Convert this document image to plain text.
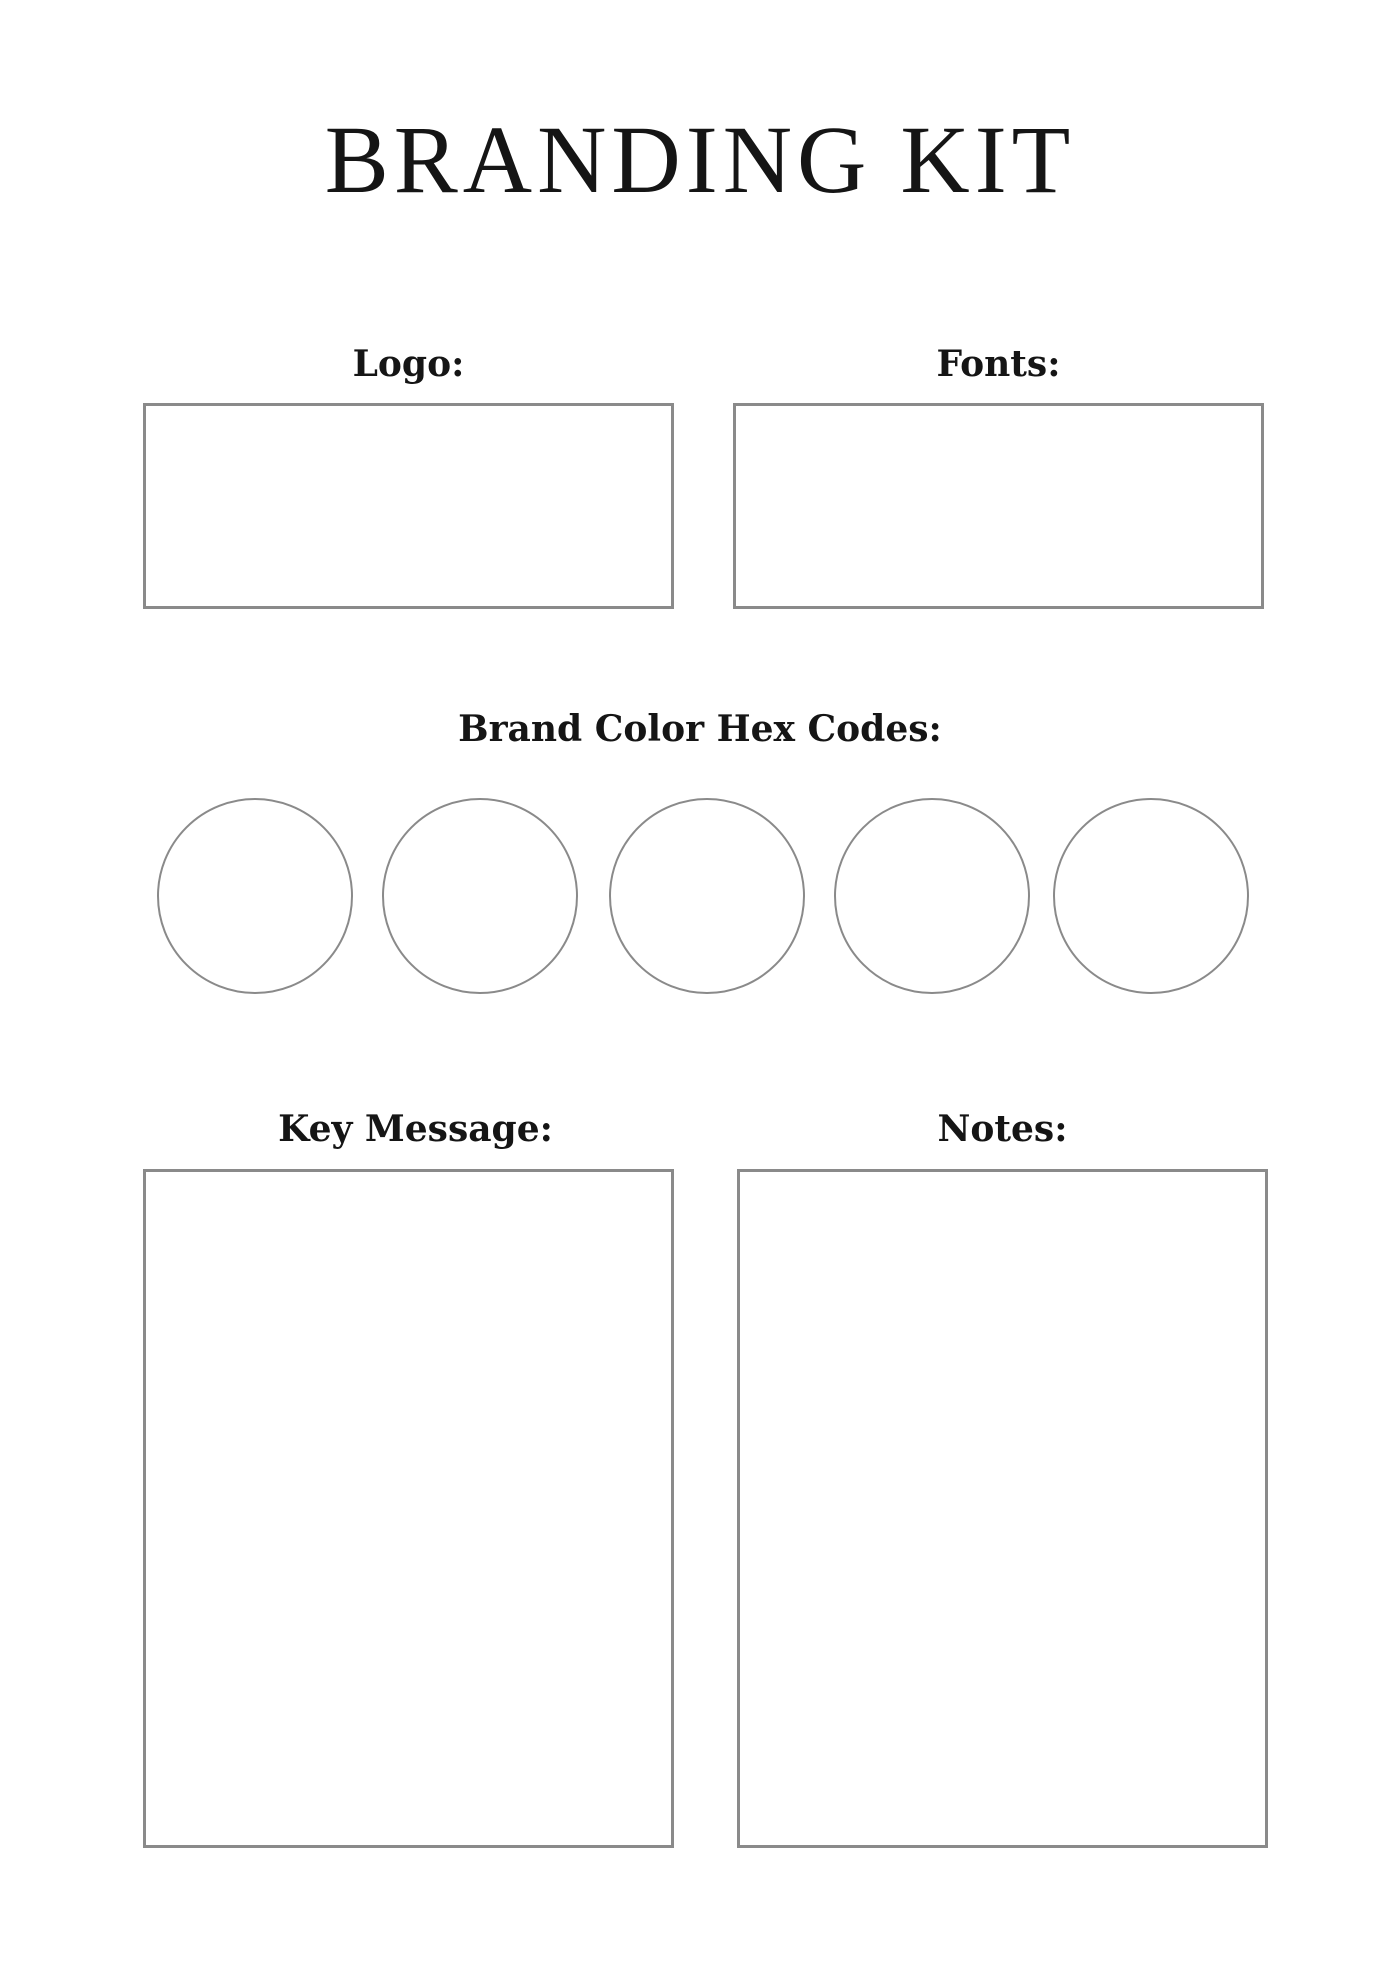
BRANDING KIT
Logo:	Fonts:
Brand Color Hex Codes:
Key Message:	Notes:
